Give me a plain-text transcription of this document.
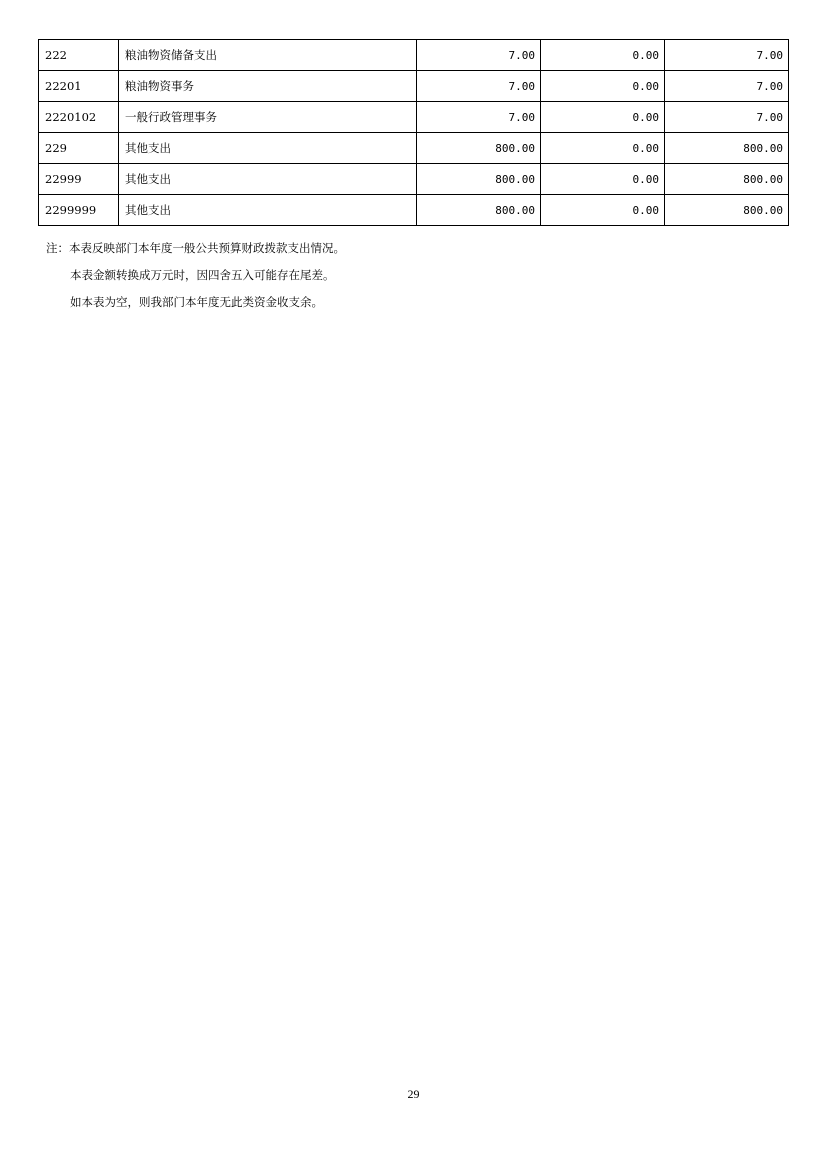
222	粮油物资储备支出	7.00	0.00	7.00
22201	粮油物资事务	7.00	0.00	7.00
2220102	一般行政管理事务	7.00	0.00	7.00
229	其他支出	800.00	0.00	800.00
22999	其他支出	800.00	0.00	800.00
2299999	其他支出	800.00	0.00	800.00
注：本表反映部门本年度一般公共预算财政拨款支出情况。
本表金额转换成万元时，因四舍五入可能存在尾差。
如本表为空，则我部门本年度无此类资金收支余。
29
